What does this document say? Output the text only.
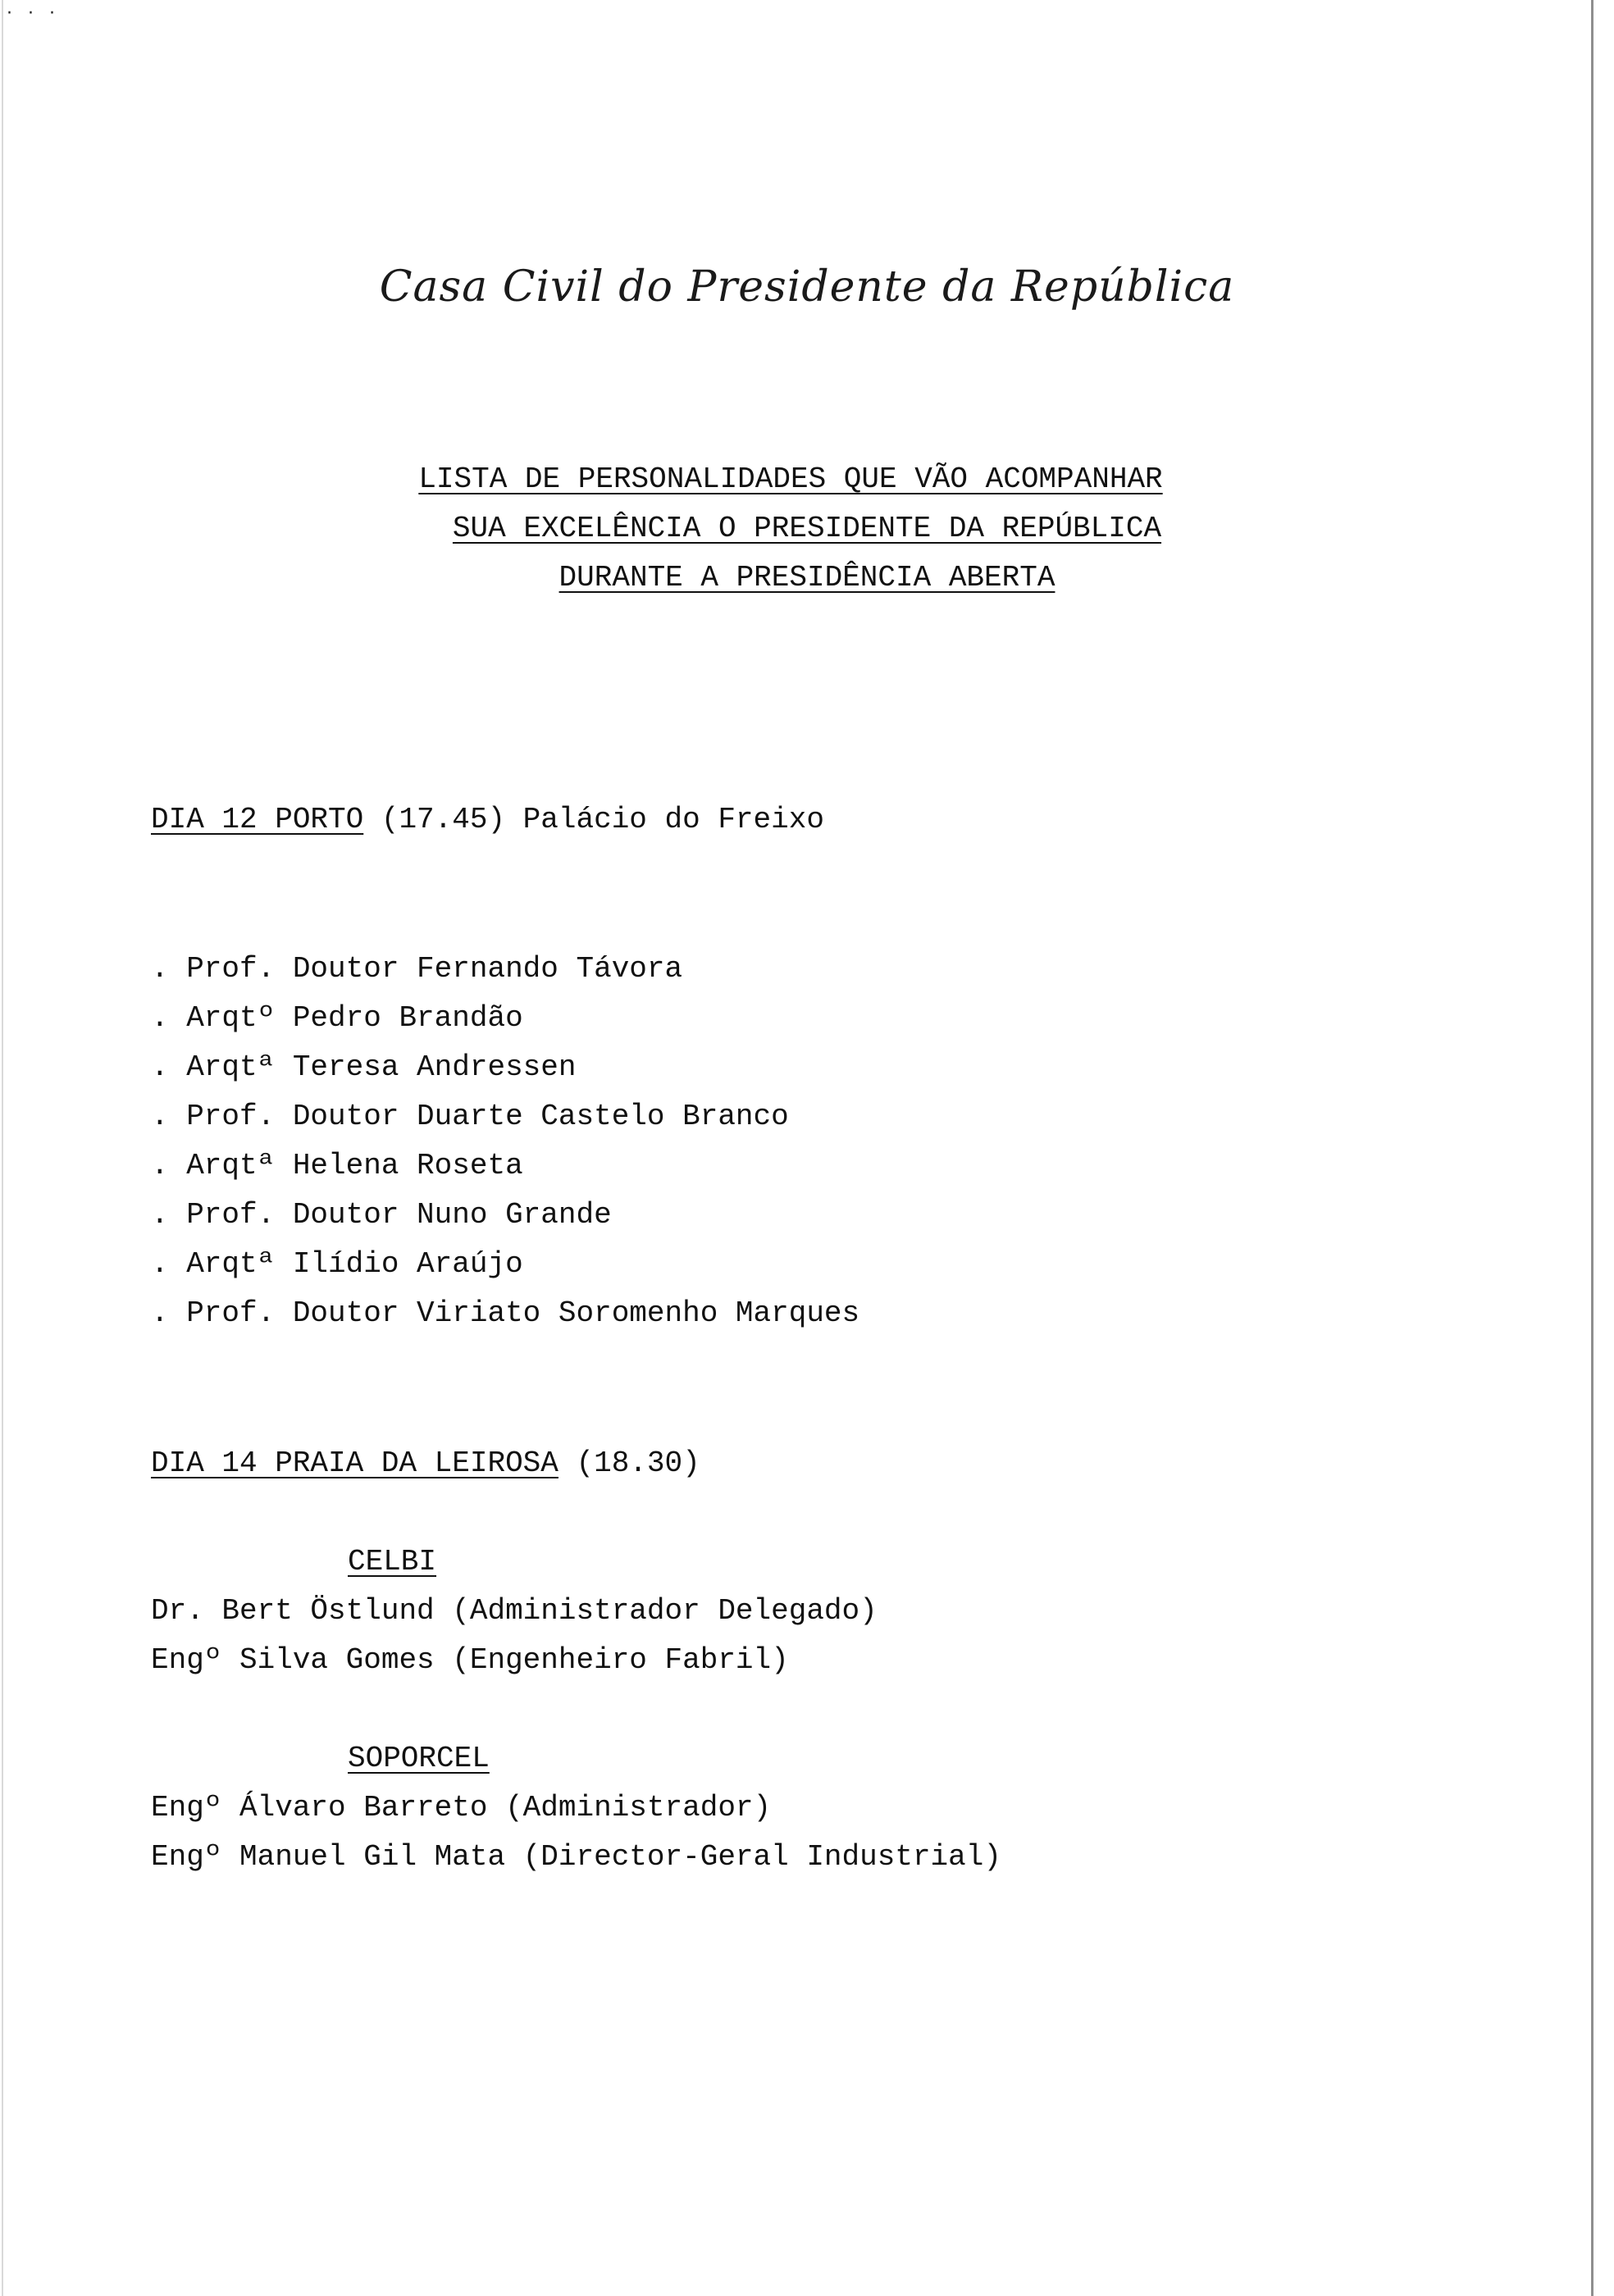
· · ·
Casa Civil do Presidente da República
LISTA DE PERSONALIDADES QUE VÃO ACOMPANHAR
SUA EXCELÊNCIA O PRESIDENTE DA REPÚBLICA
DURANTE A PRESIDÊNCIA ABERTA
DIA 12 PORTO (17.45) Palácio do Freixo
. Prof. Doutor Fernando Távora
. Arqtº Pedro Brandão
. Arqtª Teresa Andressen
. Prof. Doutor Duarte Castelo Branco
. Arqtª Helena Roseta
. Prof. Doutor Nuno Grande
. Arqtª Ilídio Araújo
. Prof. Doutor Viriato Soromenho Marques
DIA 14 PRAIA DA LEIROSA (18.30)
CELBI
Dr. Bert Östlund (Administrador Delegado)
Engº Silva Gomes (Engenheiro Fabril)
SOPORCEL
Engº Álvaro Barreto (Administrador)
Engº Manuel Gil Mata (Director-Geral Industrial)
